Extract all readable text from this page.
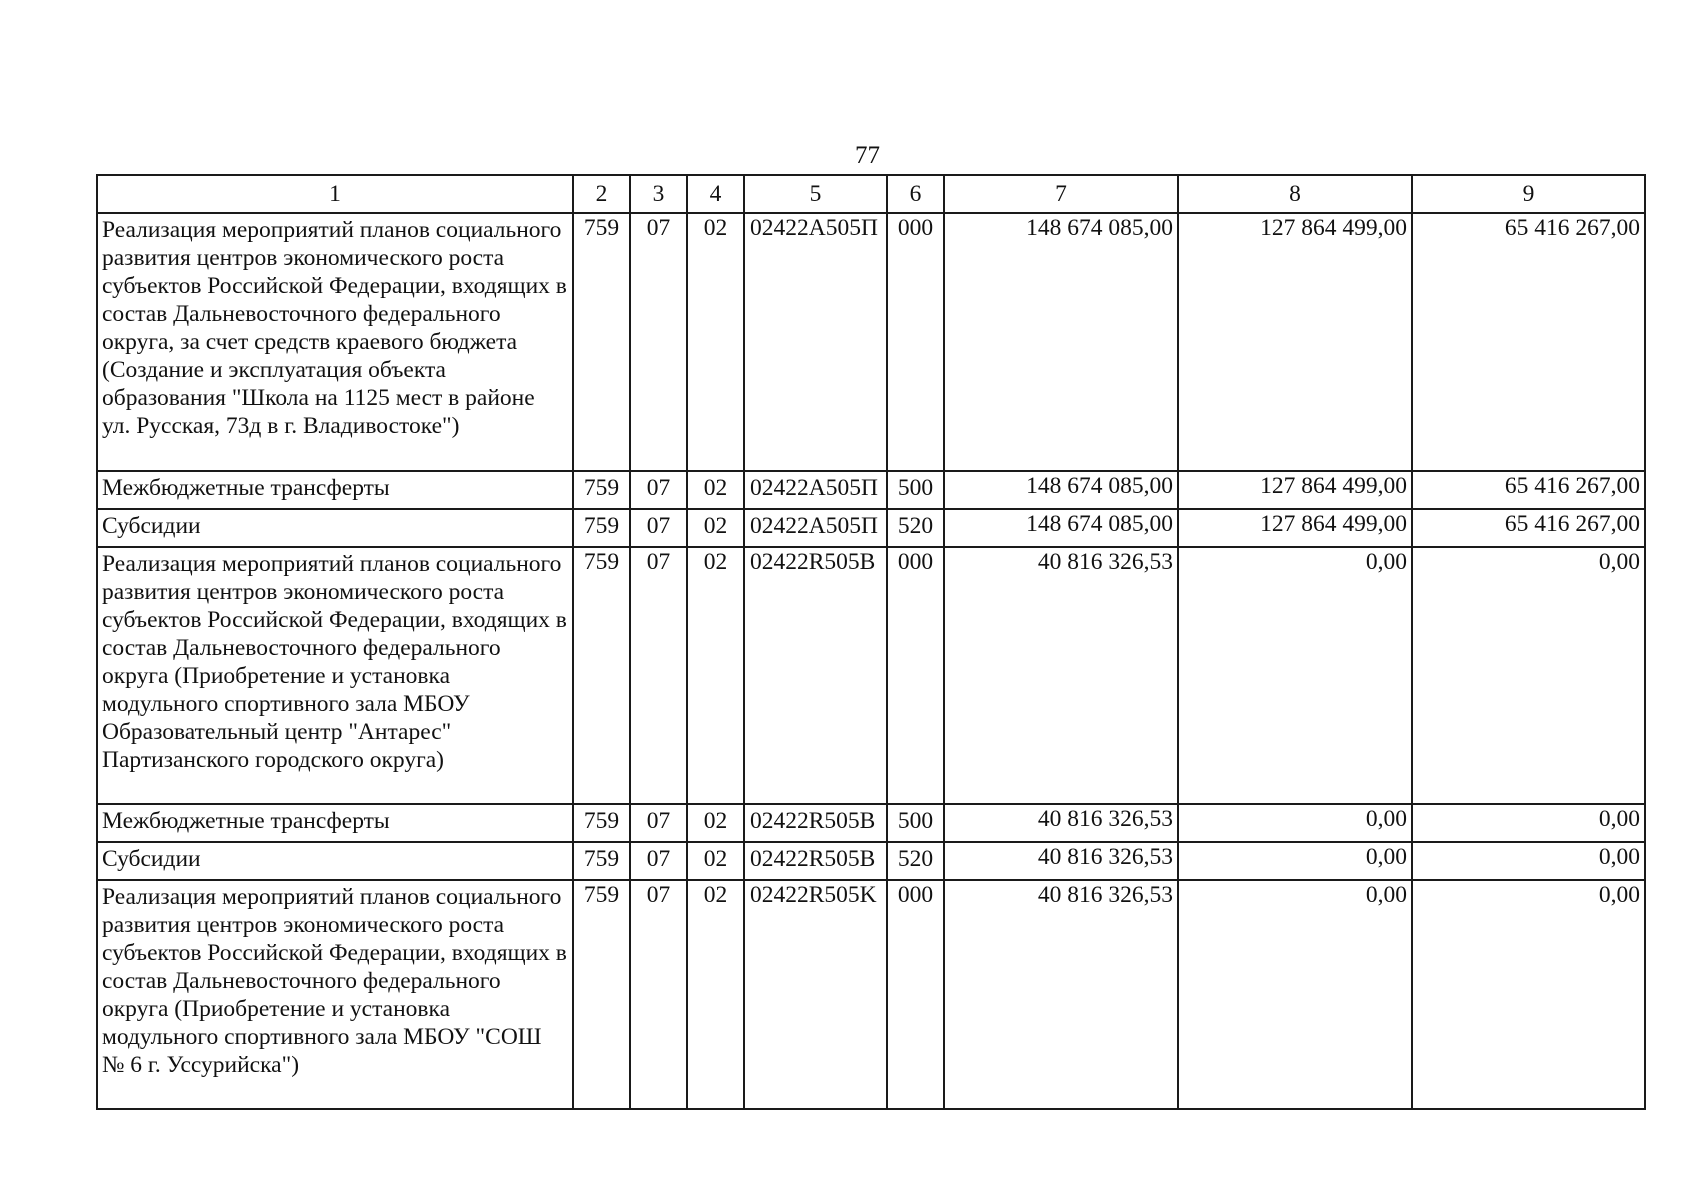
77
1	2	3	4	5	6	7	8	9
Реализация мероприятий планов социального развития центров экономического роста субъектов Российской Федерации, входящих в состав Дальневосточного федерального округа, за счет средств краевого бюджета (Создание и эксплуатация объекта образования "Школа на 1125 мест в районе ул. Русская, 73д в г. Владивостоке")	759	07	02	02422А505П	000	148 674 085,00	127 864 499,00	65 416 267,00
Межбюджетные трансферты	759	07	02	02422А505П	500	148 674 085,00	127 864 499,00	65 416 267,00
Субсидии	759	07	02	02422А505П	520	148 674 085,00	127 864 499,00	65 416 267,00
Реализация мероприятий планов социального развития центров экономического роста субъектов Российской Федерации, входящих в состав Дальневосточного федерального округа (Приобретение и установка модульного спортивного зала МБОУ Образовательный центр "Антарес" Партизанского городского округа)	759	07	02	02422R505B	000	40 816 326,53	0,00	0,00
Межбюджетные трансферты	759	07	02	02422R505B	500	40 816 326,53	0,00	0,00
Субсидии	759	07	02	02422R505B	520	40 816 326,53	0,00	0,00
Реализация мероприятий планов социального развития центров экономического роста субъектов Российской Федерации, входящих в состав Дальневосточного федерального округа (Приобретение и установка модульного спортивного зала МБОУ "СОШ № 6 г. Уссурийска")	759	07	02	02422R505K	000	40 816 326,53	0,00	0,00
